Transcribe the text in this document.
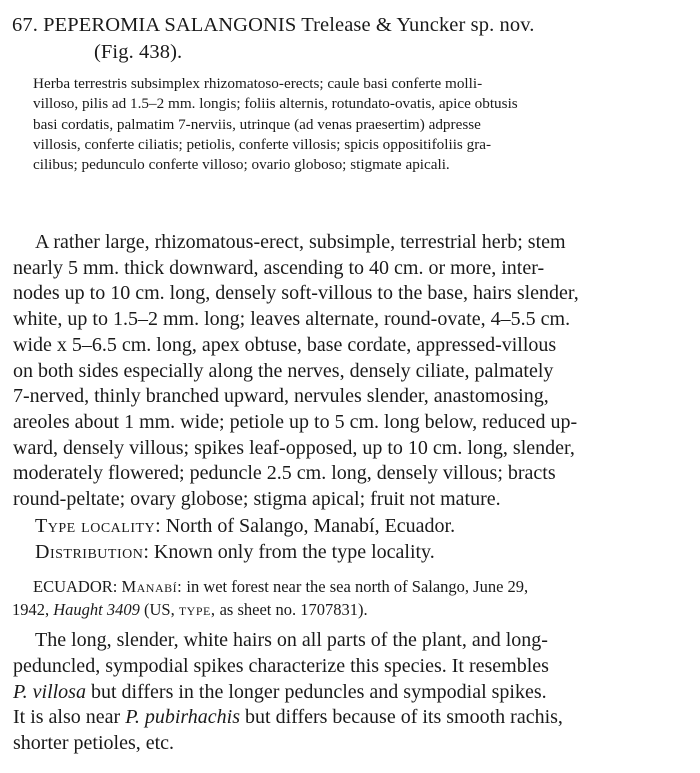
67. PEPEROMIA SALANGONIS Trelease & Yuncker sp. nov.
(Fig. 438).
Herba terrestris subsimplex rhizomatoso-erects; caule basi conferte molli-
villoso, pilis ad 1.5–2 mm. longis; foliis alternis, rotundato-ovatis, apice obtusis
basi cordatis, palmatim 7-nerviis, utrinque (ad venas praesertim) adpresse
villosis, conferte ciliatis; petiolis, conferte villosis; spicis oppositifoliis gra-
cilibus; pedunculo conferte villoso; ovario globoso; stigmate apicali.
A rather large, rhizomatous-erect, subsimple, terrestrial herb; stem
nearly 5 mm. thick downward, ascending to 40 cm. or more, inter-
nodes up to 10 cm. long, densely soft-villous to the base, hairs slender,
white, up to 1.5–2 mm. long; leaves alternate, round-ovate, 4–5.5 cm.
wide x 5–6.5 cm. long, apex obtuse, base cordate, appressed-villous
on both sides especially along the nerves, densely ciliate, palmately
7-nerved, thinly branched upward, nervules slender, anastomosing,
areoles about 1 mm. wide; petiole up to 5 cm. long below, reduced up-
ward, densely villous; spikes leaf-opposed, up to 10 cm. long, slender,
moderately flowered; peduncle 2.5 cm. long, densely villous; bracts
round-peltate; ovary globose; stigma apical; fruit not mature.
Type locality: North of Salango, Manabí, Ecuador.
Distribution: Known only from the type locality.
ECUADOR: Manabí: in wet forest near the sea north of Salango, June 29,
1942, Haught 3409 (US, type, as sheet no. 1707831).
The long, slender, white hairs on all parts of the plant, and long-
peduncled, sympodial spikes characterize this species. It resembles
P. villosa but differs in the longer peduncles and sympodial spikes.
It is also near P. pubirhachis but differs because of its smooth rachis,
shorter petioles, etc.
